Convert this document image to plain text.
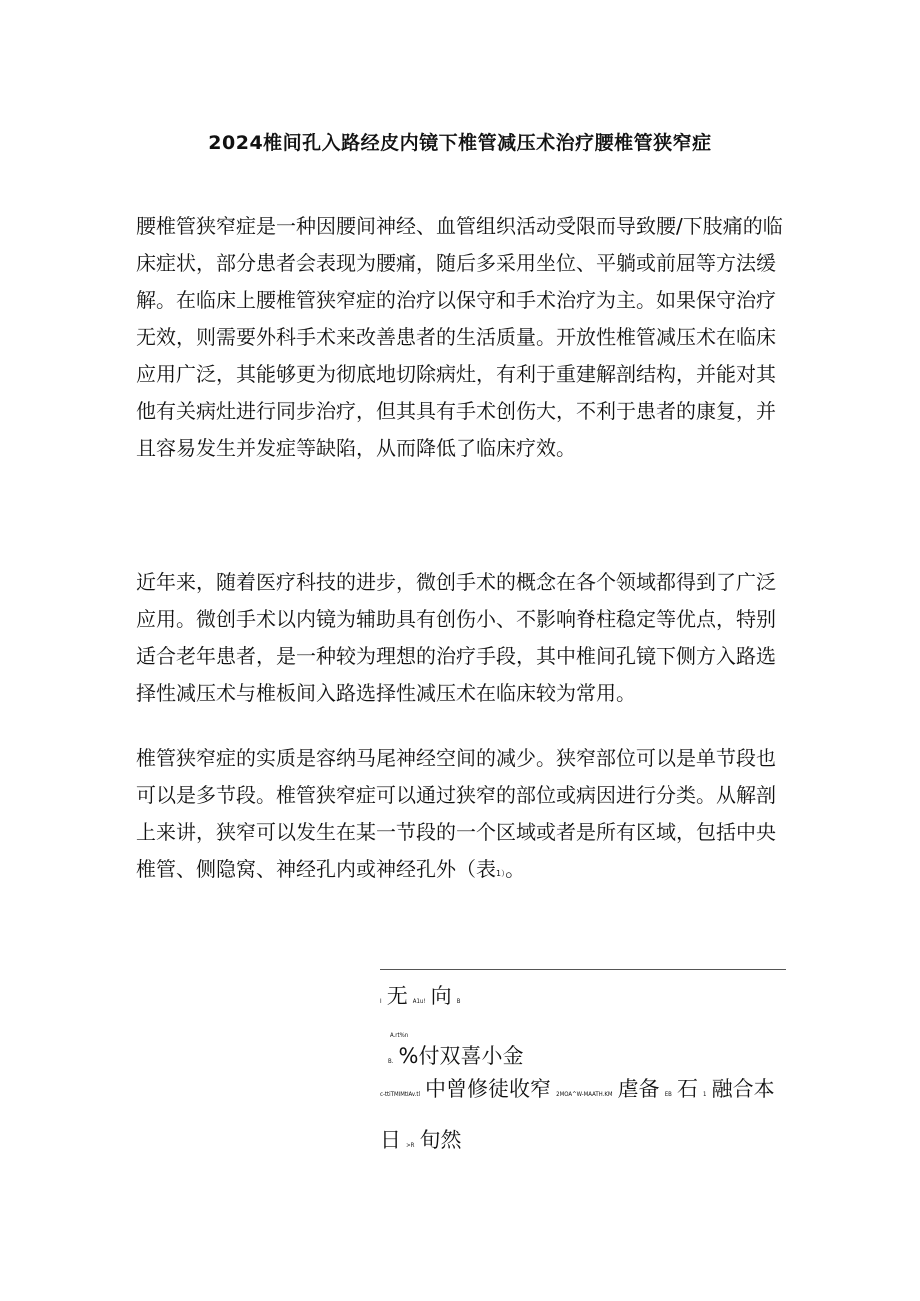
2024椎间孔入路经皮内镜下椎管减压术治疗腰椎管狭窄症
腰椎管狭窄症是一种因腰间神经、血管组织活动受限而导致腰/下肢痛的临
床症状，部分患者会表现为腰痛，随后多采用坐位、平躺或前屈等方法缓
解。在临床上腰椎管狭窄症的治疗以保守和手术治疗为主。如果保守治疗
无效，则需要外科手术来改善患者的生活质量。开放性椎管减压术在临床
应用广泛，其能够更为彻底地切除病灶，有利于重建解剖结构，并能对其
他有关病灶进行同步治疗，但其具有手术创伤大，不利于患者的康复，并
且容易发生并发症等缺陷，从而降低了临床疗效。
近年来，随着医疗科技的进步，微创手术的概念在各个领域都得到了广泛
应用。微创手术以内镜为辅助具有创伤小、不影响脊柱稳定等优点，特别
适合老年患者，是一种较为理想的治疗手段，其中椎间孔镜下侧方入路选
择性减压术与椎板间入路选择性减压术在临床较为常用。
椎管狭窄症的实质是容纳马尾神经空间的减少。狭窄部位可以是单节段也
可以是多节段。椎管狭窄症可以通过狭窄的部位或病因进行分类。从解剖
上来讲，狭窄可以发生在某一节段的一个区域或者是所有区域，包括中央
椎管、侧隐窝、神经孔内或神经孔外（表1）。
I 无 A1u! 向 B
A.rt%n
B. %付双喜小金
c-ttiTMIMtIAv.tl 中曾修徒收窄 2MOA^W-MAATH.KM 虐备 EB 石 1 融合本
日 >R 旬然
